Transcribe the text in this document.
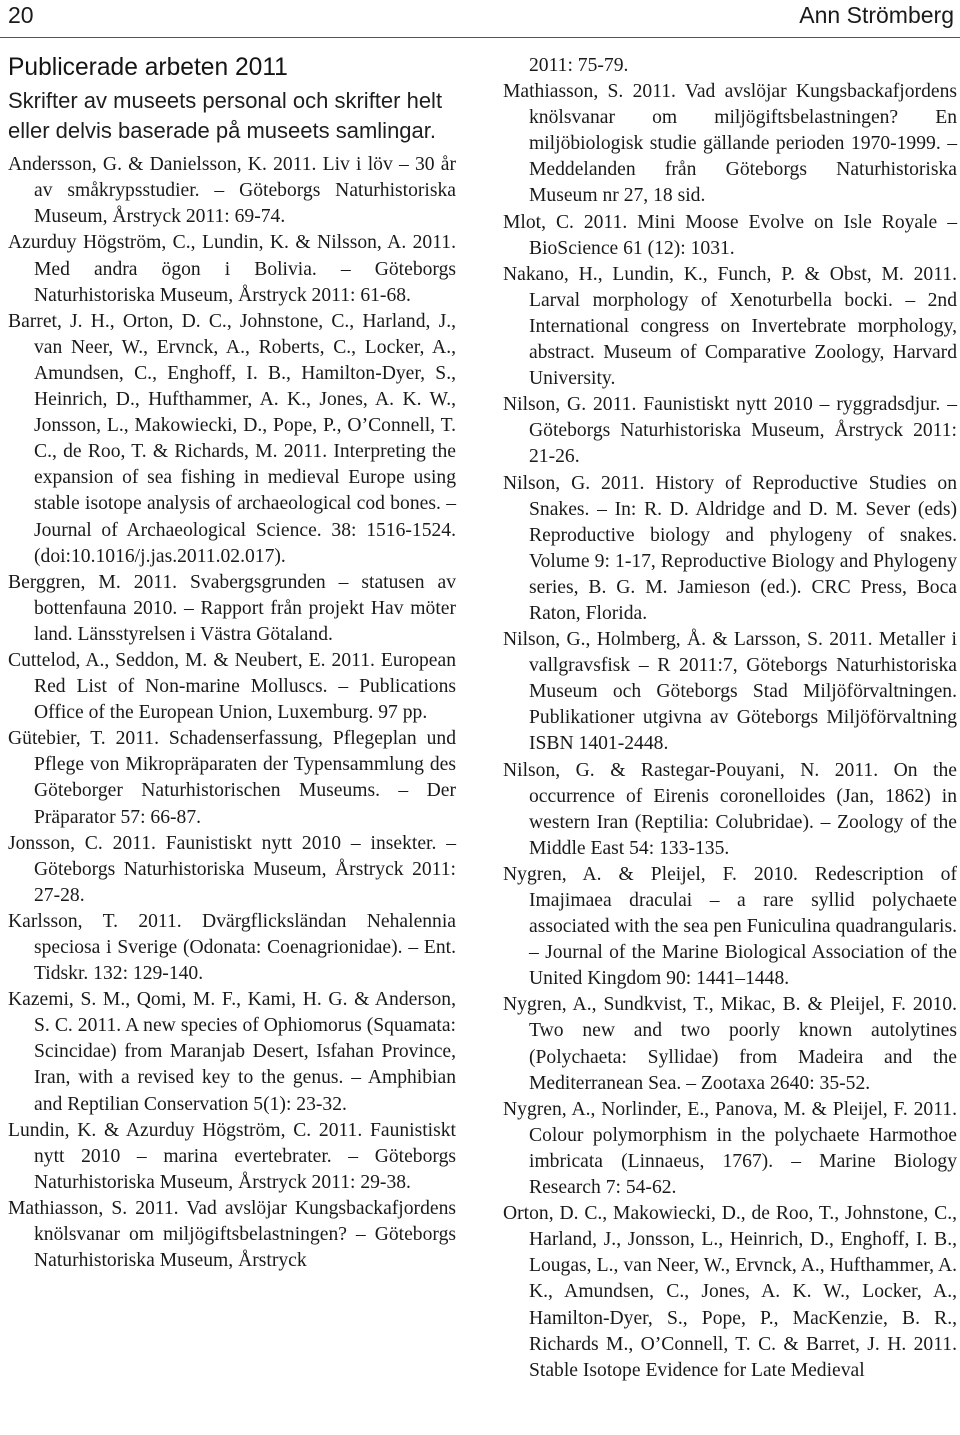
20	Ann Strömberg
Publicerade arbeten 2011
Skrifter av museets personal och skrifter helt eller delvis baserade på museets samlingar.

Andersson, G. & Danielsson, K. 2011. Liv i löv – 30 år av småkrypsstudier. – Göteborgs Naturhistoriska Museum, Årstryck 2011: 69-74.

Azurduy Högström, C., Lundin, K. & Nilsson, A. 2011. Med andra ögon i Bolivia. – Göteborgs Naturhistoriska Museum, Årstryck 2011: 61-68.

Barret, J. H., Orton, D. C., Johnstone, C., Harland, J., van Neer, W., Ervnck, A., Roberts, C., Locker, A., Amundsen, C., Enghoff, I. B., Hamilton-Dyer, S., Heinrich, D., Hufthammer, A. K., Jones, A. K. W., Jonsson, L., Makowiecki, D., Pope, P., O’Connell, T. C., de Roo, T. & Richards, M. 2011. Interpreting the expansion of sea fishing in medieval Europe using stable isotope analysis of archaeological cod bones. – Journal of Archaeological Science. 38: 1516-1524. (doi:10.1016/j.jas.2011.02.017).

Berggren, M. 2011. Svabergsgrunden – statusen av bottenfauna 2010. – Rapport från projekt Hav möter land. Länsstyrelsen i Västra Götaland.

Cuttelod, A., Seddon, M. & Neubert, E. 2011. European Red List of Non-marine Molluscs. – Publications Office of the European Union, Luxemburg. 97 pp.

Gütebier, T. 2011. Schadenserfassung, Pflegeplan und Pflege von Mikropräparaten der Typensammlung des Göteborger Naturhistorischen Museums. – Der Präparator 57: 66-87.

Jonsson, C. 2011. Faunistiskt nytt 2010 – insekter. – Göteborgs Naturhistoriska Museum, Årstryck 2011: 27-28.

Karlsson, T. 2011. Dvärgflicksländan Nehalennia speciosa i Sverige (Odonata: Coenagrionidae). – Ent. Tidskr. 132: 129-140.

Kazemi, S. M., Qomi, M. F., Kami, H. G. & Anderson, S. C. 2011. A new species of Ophiomorus (Squamata: Scincidae) from Maranjab Desert, Isfahan Province, Iran, with a revised key to the genus. – Amphibian and Reptilian Conservation 5(1): 23-32.

Lundin, K. & Azurduy Högström, C. 2011. Faunistiskt nytt 2010 – marina evertebrater. – Göteborgs Naturhistoriska Museum, Årstryck 2011: 29-38.

Mathiasson, S. 2011. Vad avslöjar Kungsbackafjordens knölsvanar om miljögiftsbelastningen? – Göteborgs Naturhistoriska Museum, Årstryck

2011: 75-79.

Mathiasson, S. 2011. Vad avslöjar Kungsbackafjordens knölsvanar om miljögiftsbelastningen? En miljöbiologisk studie gällande perioden 1970-1999. – Meddelanden från Göteborgs Naturhistoriska Museum nr 27, 18 sid.

Mlot, C. 2011. Mini Moose Evolve on Isle Royale – BioScience 61 (12): 1031.

Nakano, H., Lundin, K., Funch, P. & Obst, M. 2011. Larval morphology of Xenoturbella bocki. – 2nd International congress on Invertebrate morphology, abstract. Museum of Comparative Zoology, Harvard University.

Nilson, G. 2011. Faunistiskt nytt 2010 – ryggradsdjur. – Göteborgs Naturhistoriska Museum, Årstryck 2011: 21-26.

Nilson, G. 2011. History of Reproductive Studies on Snakes. – In: R. D. Aldridge and D. M. Sever (eds) Reproductive biology and phylogeny of snakes. Volume 9: 1-17, Reproductive Biology and Phylogeny series, B. G. M. Jamieson (ed.). CRC Press, Boca Raton, Florida.

Nilson, G., Holmberg, Å. & Larsson, S. 2011. Metaller i vallgravsfisk – R 2011:7, Göteborgs Naturhistoriska Museum och Göteborgs Stad Miljöförvaltningen. Publikationer utgivna av Göteborgs Miljöförvaltning ISBN 1401-2448.

Nilson, G. & Rastegar-Pouyani, N. 2011. On the occurrence of Eirenis coronelloides (Jan, 1862) in western Iran (Reptilia: Colubridae). – Zoology of the Middle East 54: 133-135.

Nygren, A. & Pleijel, F. 2010. Redescription of Imajimaea draculai – a rare syllid polychaete associated with the sea pen Funiculina quadrangularis. – Journal of the Marine Biological Association of the United Kingdom 90: 1441–1448.

Nygren, A., Sundkvist, T., Mikac, B. & Pleijel, F. 2010. Two new and two poorly known autolytines (Polychaeta: Syllidae) from Madeira and the Mediterranean Sea. – Zootaxa 2640: 35-52.

Nygren, A., Norlinder, E., Panova, M. & Pleijel, F. 2011. Colour polymorphism in the polychaete Harmothoe imbricata (Linnaeus, 1767). – Marine Biology Research 7: 54-62.

Orton, D. C., Makowiecki, D., de Roo, T., Johnstone, C., Harland, J., Jonsson, L., Heinrich, D., Enghoff, I. B., Lougas, L., van Neer, W., Ervnck, A., Hufthammer, A. K., Amundsen, C., Jones, A. K. W., Locker, A., Hamilton-Dyer, S., Pope, P., MacKenzie, B. R., Richards M., O’Connell, T. C. & Barret, J. H. 2011. Stable Isotope Evidence for Late Medieval
